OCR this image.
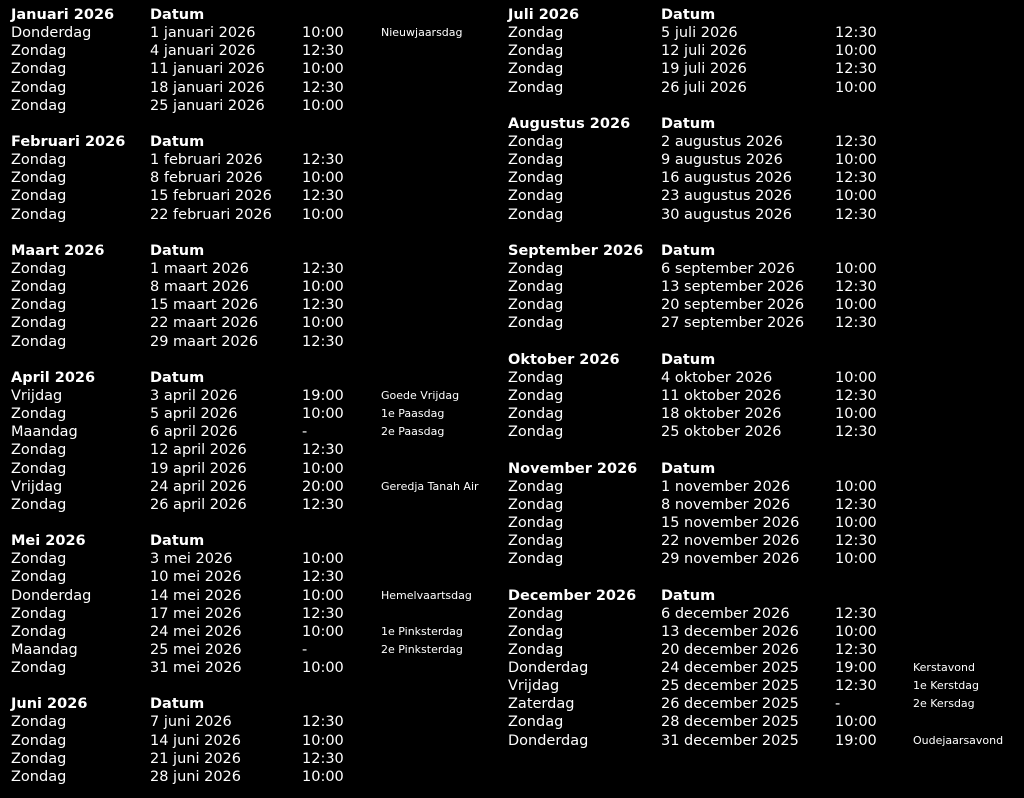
Januari 2026 Datum
Donderdag	1 januari 2026	10:00	Nieuwjaarsdag
Zondag	4 januari 2026	12:30
Zondag	11 januari 2026	10:00
Zondag	18 januari 2026	12:30
Zondag	25 januari 2026	10:00
Februari 2026 Datum
Zondag	1 februari 2026	12:30
Zondag	8 februari 2026	10:00
Zondag	15 februari 2026 12:30
Zondag	22 februari 2026 10:00
Maart 2026	Datum
Zondag	1 maart 2026	12:30
Zondag	8 maart 2026	10:00
Zondag	15 maart 2026	12:30
Zondag	22 maart 2026	10:00
Zondag	29 maart 2026	12:30
April 2026	Datum
Vrijdag	3 april 2026	19:00	Goede Vrijdag
Zondag	5 april 2026	10:00	1e Paasdag
Maandag	6 april 2026	-	2e Paasdag
Zondag	12 april 2026	12:30
Zondag	19 april 2026	10:00
Vrijdag	24 april 2026	20:00	Geredja Tanah Air
Zondag	26 april 2026	12:30
Mei 2026	Datum
Zondag	3 mei 2026	10:00
Zondag	10 mei 2026	12:30
Donderdag	14 mei 2026	10:00	Hemelvaartsdag
Zondag	17 mei 2026	12:30
Zondag	24 mei 2026	10:00	1e Pinksterdag
Maandag	25 mei 2026	-	2e Pinksterdag
Zondag	31 mei 2026	10:00
Juni 2026	Datum
Zondag	7 juni 2026	12:30
Zondag	14 juni 2026	10:00
Zondag	21 juni 2026	12:30
Zondag	28 juni 2026	10:00
Juli 2026	Datum
Zondag	5 juli 2026	12:30
Zondag	12 juli 2026	10:00
Zondag	19 juli 2026	12:30
Zondag	26 juli 2026	10:00
Augustus 2026 Datum
Zondag	2 augustus 2026	12:30
Zondag	9 augustus 2026	10:00
Zondag	16 augustus 2026	12:30
Zondag	23 augustus 2026	10:00
Zondag	30 augustus 2026	12:30
September 2026 Datum
Zondag	6 september 2026	10:00
Zondag	13 september 2026 12:30
Zondag	20 september 2026 10:00
Zondag	27 september 2026 12:30
Oktober 2026	Datum
Zondag	4 oktober 2026	10:00
Zondag	11 oktober 2026	12:30
Zondag	18 oktober 2026	10:00
Zondag	25 oktober 2026	12:30
November 2026 Datum
Zondag	1 november 2026	10:00
Zondag	8 november 2026	12:30
Zondag	15 november 2026 10:00
Zondag	22 november 2026 12:30
Zondag	29 november 2026 10:00
December 2026 Datum
Zondag	6 december 2026	12:30
Zondag	13 december 2026 10:00
Zondag	20 december 2026 12:30
Donderdag	24 december 2025 19:00	Kerstavond
Vrijdag	25 december 2025 12:30	1e Kerstdag
Zaterdag	26 december 2025 -	2e Kersdag
Zondag	28 december 2025 10:00
Donderdag	31 december 2025 19:00	Oudejaarsavond
